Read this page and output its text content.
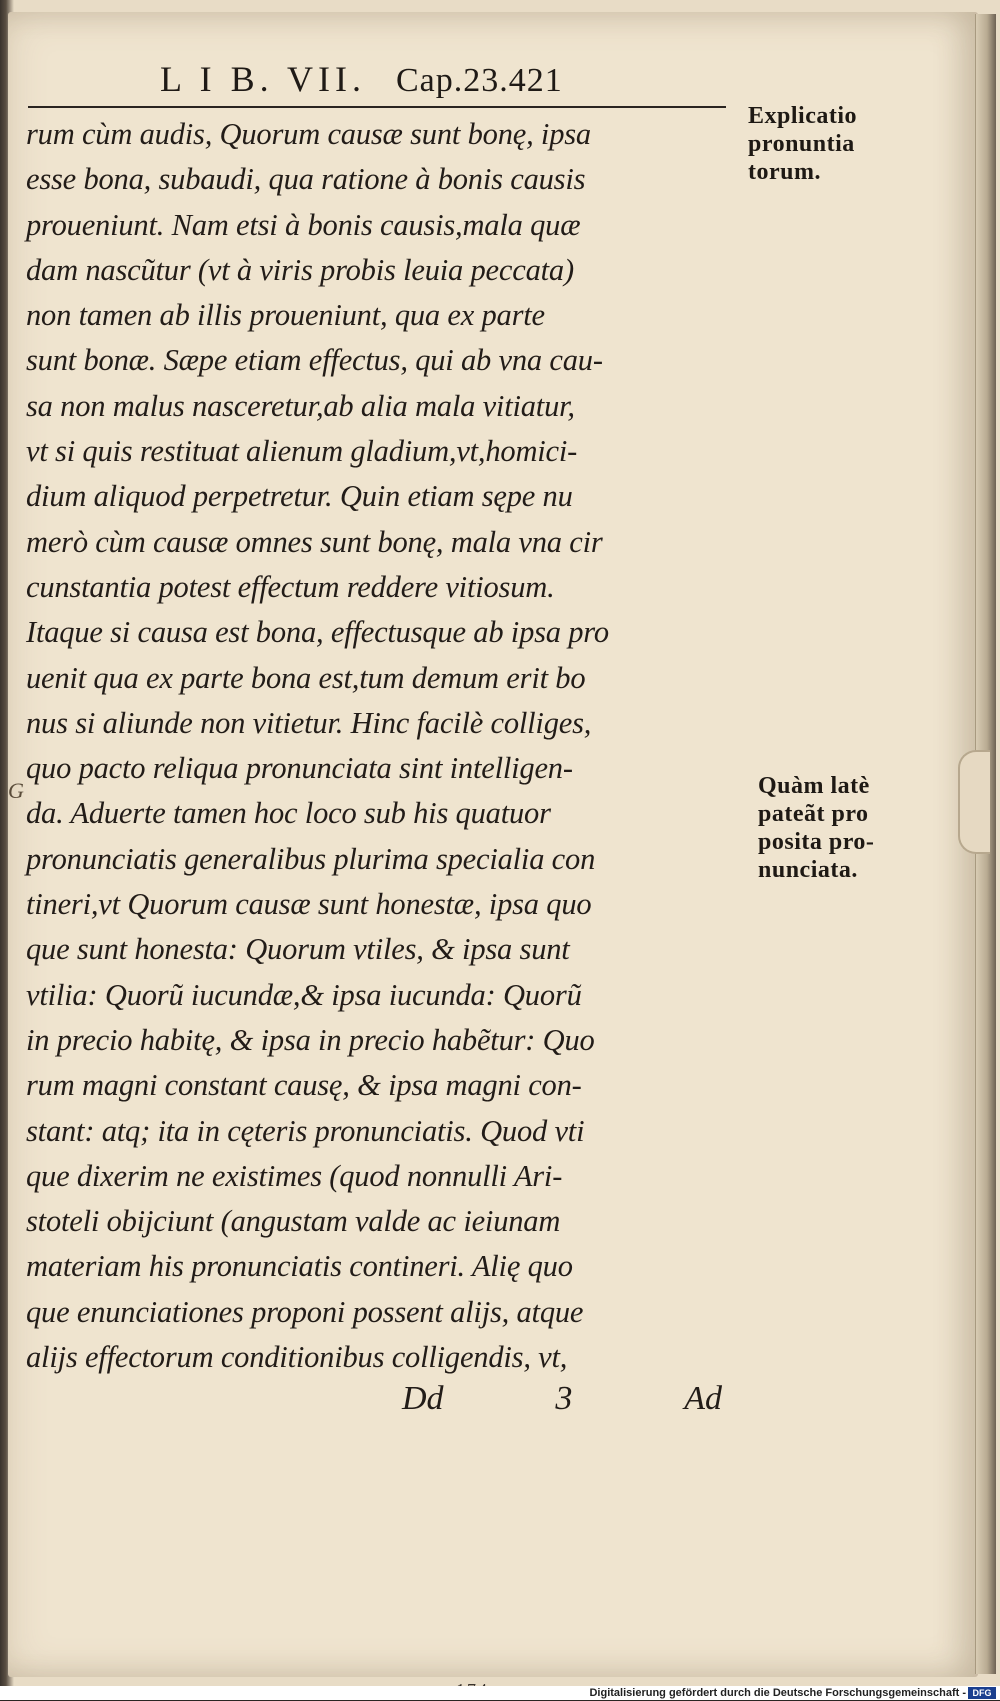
L I B. VII. Cap.23.421
rum cùm audis, Quorum causæ sunt bonę, ipsa
esse bona, subaudi, qua ratione à bonis causis
proueniunt. Nam etsi à bonis causis,mala quæ
dam nascũtur (vt à viris probis leuia peccata)
non tamen ab illis proueniunt, qua ex parte
sunt bonæ. Sæpe etiam effectus, qui ab vna cau-
sa non malus nasceretur,ab alia mala vitiatur,
vt si quis restituat alienum gladium,vt,homici-
dium aliquod perpetretur. Quin etiam sępe nu
merò cùm causæ omnes sunt bonę, mala vna cir
cunstantia potest effectum reddere vitiosum.
Itaque si causa est bona, effectusque ab ipsa pro
uenit qua ex parte bona est,tum demum erit bo
nus si aliunde non vitietur. Hinc facilè colliges,
quo pacto reliqua pronunciata sint intelligen-
da. Aduerte tamen hoc loco sub his quatuor
pronunciatis generalibus plurima specialia con
tineri,vt Quorum causæ sunt honestæ, ipsa quo
que sunt honesta: Quorum vtiles, & ipsa sunt
vtilia: Quorũ iucundæ,& ipsa iucunda: Quorũ
in precio habitę, & ipsa in precio habẽtur: Quo
rum magni constant causę, & ipsa magni con-
stant: atq; ita in cęteris pronunciatis. Quod vti
que dixerim ne existimes (quod nonnulli Ari-
stoteli obijciunt (angustam valde ac ieiunam
materiam his pronunciatis contineri. Alię quo
que enunciationes proponi possent alijs, atque
alijs effectorum conditionibus colligendis, vt,
Explicatio
pronuntia
torum.
Quàm latè
pateãt pro
posita pro-
nunciata.
G
Dd	3	Ad
Digitalisierung gefördert durch die Deutsche Forschungsgemeinschaft - DFG
